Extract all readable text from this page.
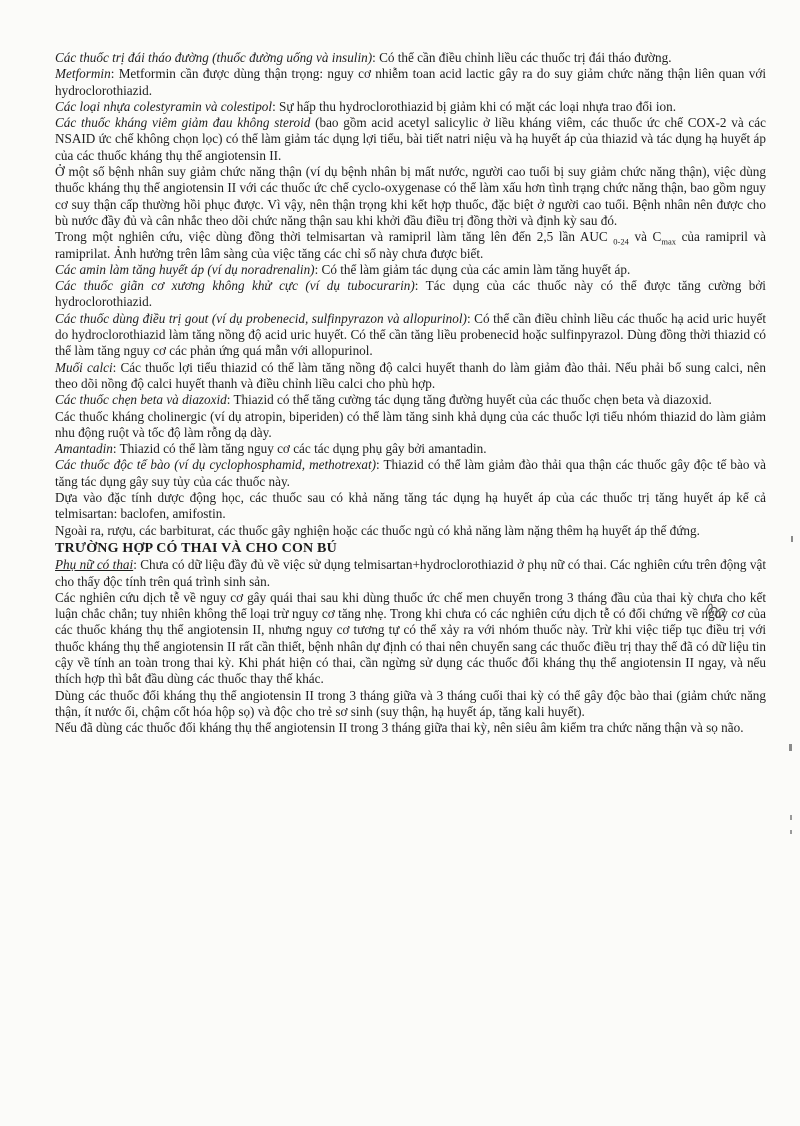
Các thuốc trị đái tháo đường (thuốc đường uống và insulin): Có thể cần điều chỉnh liều các thuốc trị đái tháo đường.

Metformin: Metformin cần được dùng thận trọng: nguy cơ nhiễm toan acid lactic gây ra do suy giảm chức năng thận liên quan với hydroclorothiazid.

Các loại nhựa colestyramin và colestipol: Sự hấp thu hydroclorothiazid bị giảm khi có mặt các loại nhựa trao đổi ion.

Các thuốc kháng viêm giảm đau không steroid (bao gồm acid acetyl salicylic ở liều kháng viêm, các thuốc ức chế COX-2 và các NSAID ức chế không chọn lọc) có thể làm giảm tác dụng lợi tiểu, bài tiết natri niệu và hạ huyết áp của thiazid và tác dụng hạ huyết áp của các thuốc kháng thụ thể angiotensin II.

Ở một số bệnh nhân suy giảm chức năng thận (ví dụ bệnh nhân bị mất nước, người cao tuổi bị suy giảm chức năng thận), việc dùng thuốc kháng thụ thể angiotensin II với các thuốc ức chế cyclo-oxygenase có thể làm xấu hơn tình trạng chức năng thận, bao gồm nguy cơ suy thận cấp thường hồi phục được. Vì vậy, nên thận trọng khi kết hợp thuốc, đặc biệt ở người cao tuổi. Bệnh nhân nên được cho bù nước đầy đủ và cân nhắc theo dõi chức năng thận sau khi khởi đầu điều trị đồng thời và định kỳ sau đó.

Trong một nghiên cứu, việc dùng đồng thời telmisartan và ramipril làm tăng lên đến 2,5 lần AUC $_{0-24}$ và $C_{max}$ của ramipril và ramiprilat. Ảnh hưởng trên lâm sàng của việc tăng các chỉ số này chưa được biết.

Các amin làm tăng huyết áp (ví dụ noradrenalin): Có thể làm giảm tác dụng của các amin làm tăng huyết áp.

Các thuốc giãn cơ xương không khử cực (ví dụ tubocurarin): Tác dụng của các thuốc này có thể được tăng cường bởi hydroclorothiazid.

Các thuốc dùng điều trị gout (ví dụ probenecid, sulfinpyrazon và allopurinol): Có thể cần điều chỉnh liều các thuốc hạ acid uric huyết do hydroclorothiazid làm tăng nồng độ acid uric huyết. Có thể cần tăng liều probenecid hoặc sulfinpyrazol. Dùng đồng thời thiazid có thể làm tăng nguy cơ các phản ứng quá mẫn với allopurinol.

Muối calci: Các thuốc lợi tiểu thiazid có thể làm tăng nồng độ calci huyết thanh do làm giảm đào thải. Nếu phải bổ sung calci, nên theo dõi nồng độ calci huyết thanh và điều chỉnh liều calci cho phù hợp.

Các thuốc chẹn beta và diazoxid: Thiazid có thể tăng cường tác dụng tăng đường huyết của các thuốc chẹn beta và diazoxid.

Các thuốc kháng cholinergic (ví dụ atropin, biperiden) có thể làm tăng sinh khả dụng của các thuốc lợi tiểu nhóm thiazid do làm giảm nhu động ruột và tốc độ làm rỗng dạ dày.

Amantadin: Thiazid có thể làm tăng nguy cơ các tác dụng phụ gây bởi amantadin.

Các thuốc độc tế bào (ví dụ cyclophosphamid, methotrexat): Thiazid có thể làm giảm đào thải qua thận các thuốc gây độc tế bào và tăng tác dụng gây suy tủy của các thuốc này.

Dựa vào đặc tính dược động học, các thuốc sau có khả năng tăng tác dụng hạ huyết áp của các thuốc trị tăng huyết áp kể cả telmisartan: baclofen, amifostin.

Ngoài ra, rượu, các barbiturat, các thuốc gây nghiện hoặc các thuốc ngủ có khả năng làm nặng thêm hạ huyết áp thế đứng.

TRƯỜNG HỢP CÓ THAI VÀ CHO CON BÚ

Phụ nữ có thai: Chưa có dữ liệu đầy đủ về việc sử dụng telmisartan+hydroclorothiazid ở phụ nữ có thai. Các nghiên cứu trên động vật cho thấy độc tính trên quá trình sinh sản.

Các nghiên cứu dịch tễ về nguy cơ gây quái thai sau khi dùng thuốc ức chế men chuyển trong 3 tháng đầu của thai kỳ chưa cho kết luận chắc chắn; tuy nhiên không thể loại trừ nguy cơ tăng nhẹ. Trong khi chưa có các nghiên cứu dịch tễ có đối chứng về nguy cơ của các thuốc kháng thụ thể angiotensin II, nhưng nguy cơ tương tự có thể xảy ra với nhóm thuốc này. Trừ khi việc tiếp tục điều trị với thuốc kháng thụ thể angiotensin II rất cần thiết, bệnh nhân dự định có thai nên chuyển sang các thuốc điều trị thay thế đã có dữ liệu tin cậy về tính an toàn trong thai kỳ. Khi phát hiện có thai, cần ngừng sử dụng các thuốc đối kháng thụ thể angiotensin II ngay, và nếu thích hợp thì bắt đầu dùng các thuốc thay thế khác.

Dùng các thuốc đối kháng thụ thể angiotensin II trong 3 tháng giữa và 3 tháng cuối thai kỳ có thể gây độc bào thai (giảm chức năng thận, ít nước ối, chậm cốt hóa hộp sọ) và độc cho trẻ sơ sinh (suy thận, hạ huyết áp, tăng kali huyết).

Nếu đã dùng các thuốc đối kháng thụ thể angiotensin II trong 3 tháng giữa thai kỳ, nên siêu âm kiểm tra chức năng thận và sọ não.
